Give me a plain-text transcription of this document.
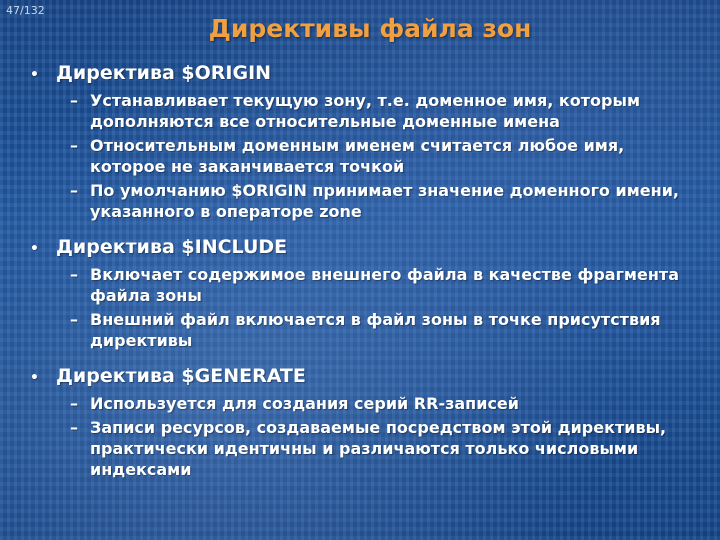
47/132
Директивы файла зон
• Директива $ORIGIN
– Устанавливает текущую зону, т.е. доменное имя, которым дополняются все относительные доменные имена
– Относительным доменным именем считается любое имя, которое не заканчивается точкой
– По умолчанию $ORIGIN принимает значение доменного имени, указанного в операторе zone
• Директива $INCLUDE
– Включает содержимое внешнего файла в качестве фрагмента файла зоны
– Внешний файл включается в файл зоны в точке присутствия директивы
• Директива $GENERATE
– Используется для создания серий RR-записей
– Записи ресурсов, создаваемые посредством этой директивы, практически идентичны и различаются только числовыми индексами
